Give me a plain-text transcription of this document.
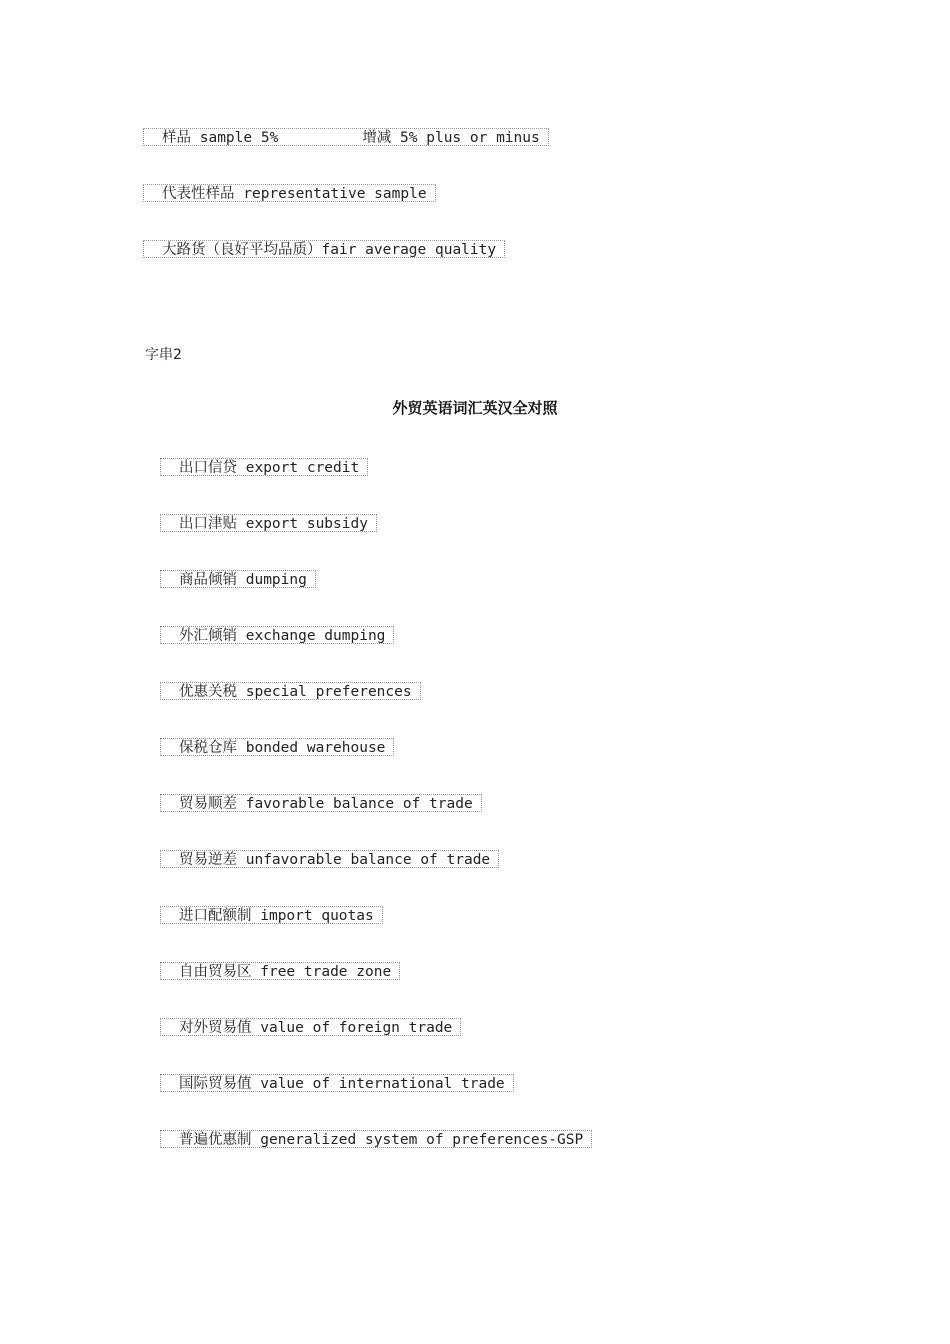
样品 sample 5%	增减 5% plus or minus
代表性样品 representative sample
大路货（良好平均品质）fair average quality
字串2
外贸英语词汇英汉全对照
出口信贷 export credit
出口津贴 export subsidy
商品倾销 dumping
外汇倾销 exchange dumping
优惠关税 special preferences
保税仓库 bonded warehouse
贸易顺差 favorable balance of trade
贸易逆差 unfavorable balance of trade
进口配额制 import quotas
自由贸易区 free trade zone
对外贸易值 value of foreign trade
国际贸易值 value of international trade
普遍优惠制 generalized system of preferences-GSP
